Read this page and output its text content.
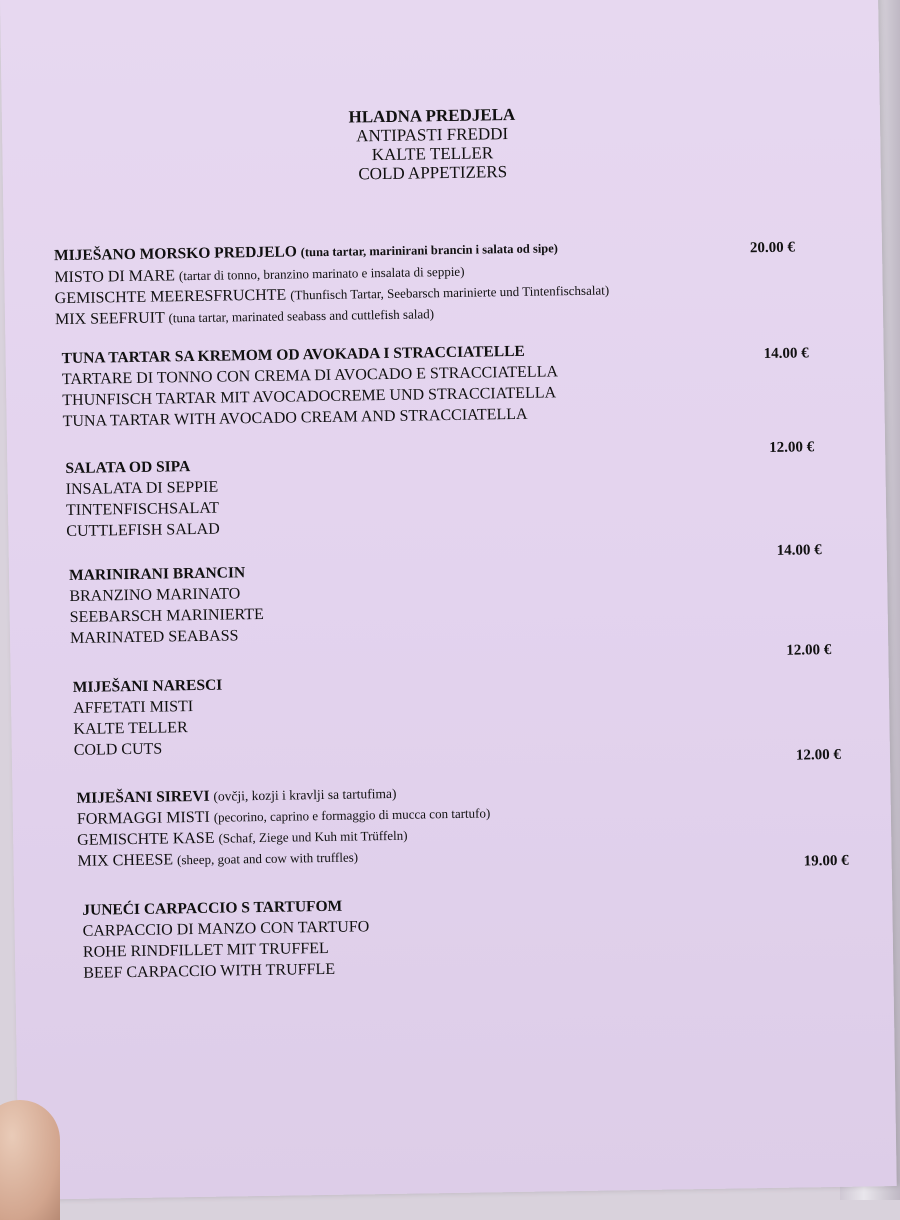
HLADNA PREDJELA
ANTIPASTI FREDDI
KALTE TELLER
COLD APPETIZERS
MIJEŠANO MORSKO PREDJELO (tuna tartar, marinirani brancin i salata od sipe)
MISTO DI MARE (tartar di tonno, branzino marinato e insalata di seppie)
GEMISCHTE MEERESFRUCHTE (Thunfisch Tartar, Seebarsch marinierte und Tintenfischsalat)
MIX SEEFRUIT (tuna tartar, marinated seabass and cuttlefish salad)
20.00 €
TUNA TARTAR SA KREMOM OD AVOKADA I STRACCIATELLE
TARTARE DI TONNO CON CREMA DI AVOCADO E STRACCIATELLA
THUNFISCH TARTAR MIT AVOCADOCREME UND STRACCIATELLA
TUNA TARTAR WITH AVOCADO CREAM AND STRACCIATELLA
14.00 €
SALATA OD SIPA
INSALATA DI SEPPIE
TINTENFISCHSALAT
CUTTLEFISH SALAD
12.00 €
MARINIRANI BRANCIN
BRANZINO MARINATO
SEEBARSCH MARINIERTE
MARINATED SEABASS
14.00 €
MIJEŠANI NARESCI
AFFETATI MISTI
KALTE TELLER
COLD CUTS
12.00 €
MIJEŠANI SIREVI (ovčji, kozji i kravlji sa tartufima)
FORMAGGI MISTI (pecorino, caprino e formaggio di mucca con tartufo)
GEMISCHTE KASE (Schaf, Ziege und Kuh mit Trüffeln)
MIX CHEESE (sheep, goat and cow with truffles)
12.00 €
JUNEĆI CARPACCIO S TARTUFOM
CARPACCIO DI MANZO CON TARTUFO
ROHE RINDFILLET MIT TRUFFEL
BEEF CARPACCIO WITH TRUFFLE
19.00 €
